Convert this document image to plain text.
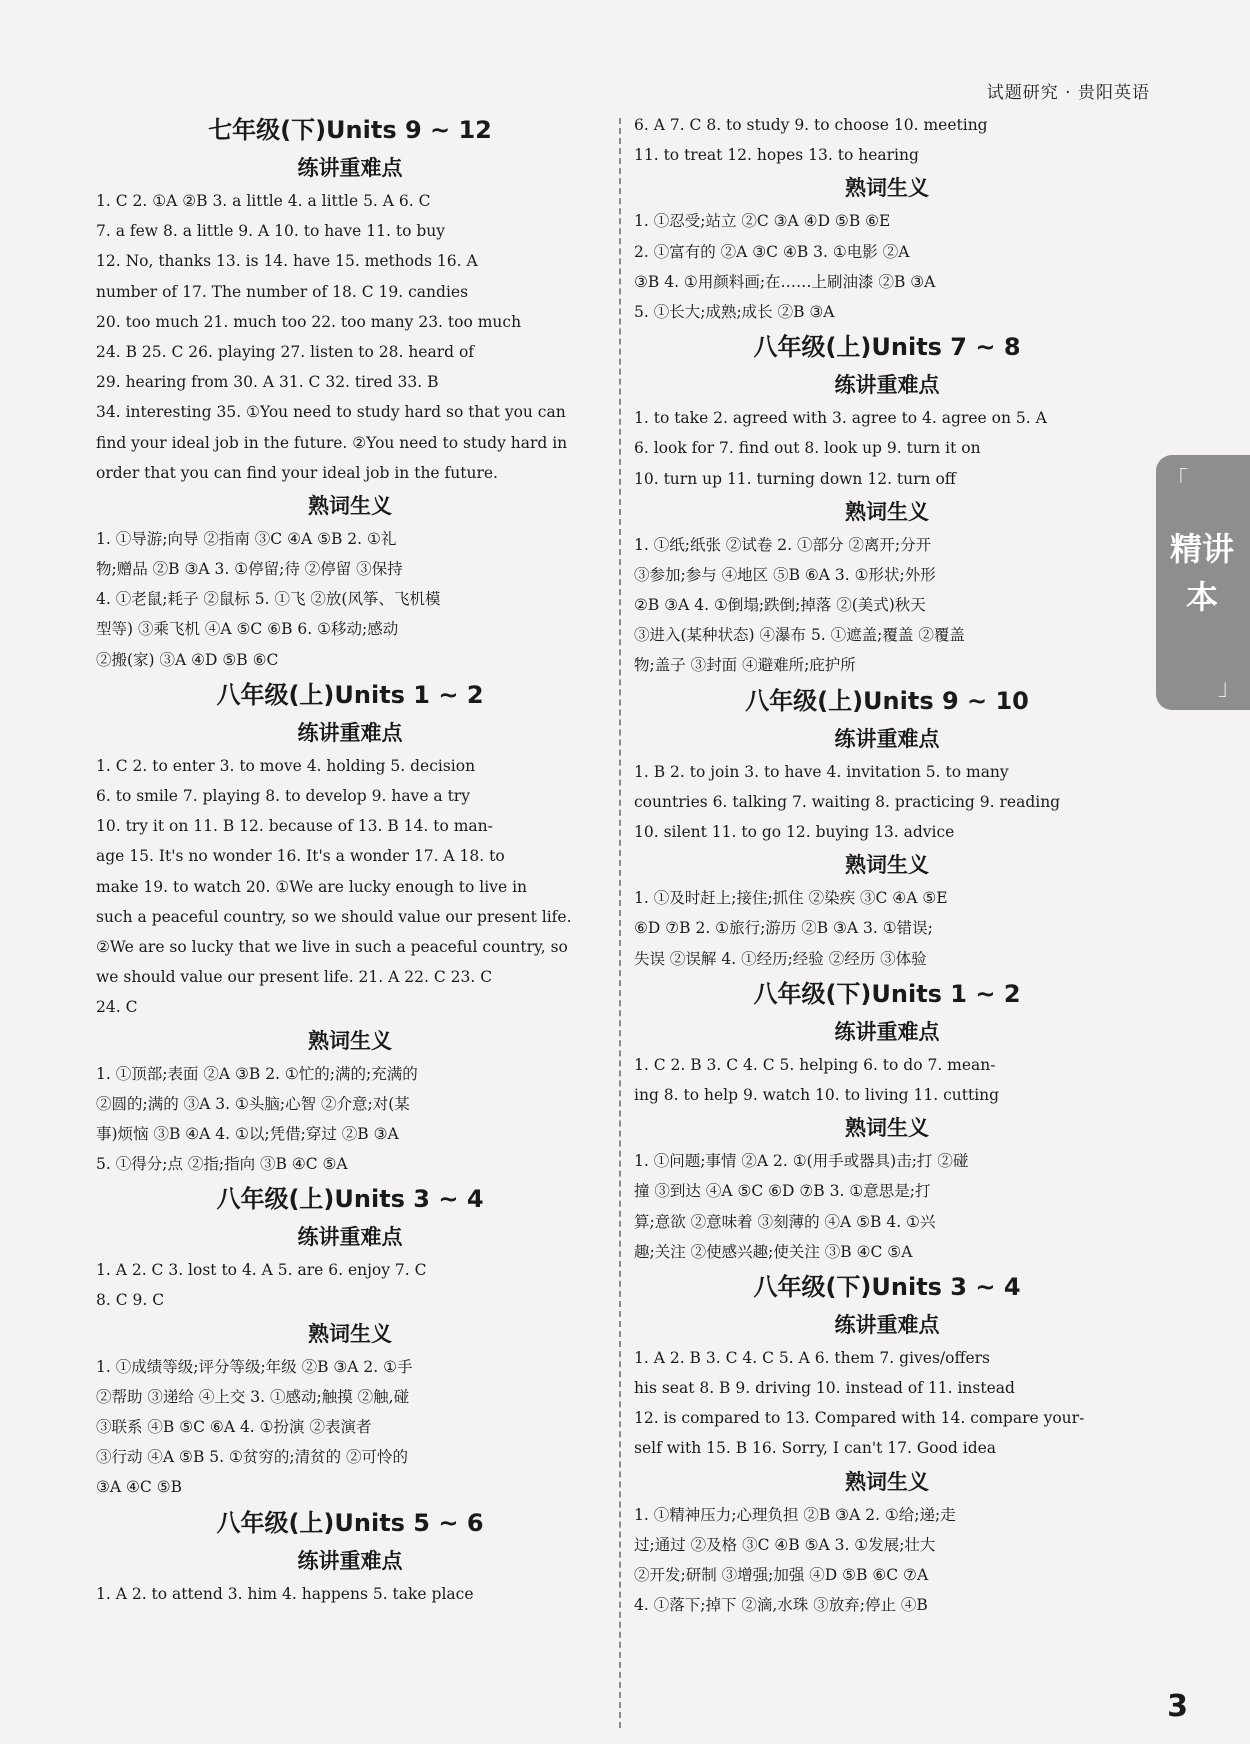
试题研究 · 贵阳英语
七年级(下)Units 9 ~ 12
练讲重难点
1. C 2. ①A ②B 3. a little 4. a little 5. A 6. C
7. a few 8. a little 9. A 10. to have 11. to buy
12. No, thanks 13. is 14. have 15. methods 16. A
number of 17. The number of 18. C 19. candies
20. too much 21. much too 22. too many 23. too much
24. B 25. C 26. playing 27. listen to 28. heard of
29. hearing from 30. A 31. C 32. tired 33. B
34. interesting 35. ①You need to study hard so that you can
find your ideal job in the future. ②You need to study hard in
order that you can find your ideal job in the future.
熟词生义
1. ①导游;向导 ②指南 ③C ④A ⑤B 2. ①礼
物;赠品 ②B ③A 3. ①停留;待 ②停留 ③保持
4. ①老鼠;耗子 ②鼠标 5. ①飞 ②放(风筝、飞机模
型等) ③乘飞机 ④A ⑤C ⑥B 6. ①移动;感动
②搬(家) ③A ④D ⑤B ⑥C
八年级(上)Units 1 ~ 2
练讲重难点
1. C 2. to enter 3. to move 4. holding 5. decision
6. to smile 7. playing 8. to develop 9. have a try
10. try it on 11. B 12. because of 13. B 14. to man-
age 15. It's no wonder 16. It's a wonder 17. A 18. to
make 19. to watch 20. ①We are lucky enough to live in
such a peaceful country, so we should value our present life.
②We are so lucky that we live in such a peaceful country, so
we should value our present life. 21. A 22. C 23. C
24. C
熟词生义
1. ①顶部;表面 ②A ③B 2. ①忙的;满的;充满的
②圆的;满的 ③A 3. ①头脑;心智 ②介意;对(某
事)烦恼 ③B ④A 4. ①以;凭借;穿过 ②B ③A
5. ①得分;点 ②指;指向 ③B ④C ⑤A
八年级(上)Units 3 ~ 4
练讲重难点
1. A 2. C 3. lost to 4. A 5. are 6. enjoy 7. C
8. C 9. C
熟词生义
1. ①成绩等级;评分等级;年级 ②B ③A 2. ①手
②帮助 ③递给 ④上交 3. ①感动;触摸 ②触,碰
③联系 ④B ⑤C ⑥A 4. ①扮演 ②表演者
③行动 ④A ⑤B 5. ①贫穷的;清贫的 ②可怜的
③A ④C ⑤B
八年级(上)Units 5 ~ 6
练讲重难点
1. A 2. to attend 3. him 4. happens 5. take place
6. A 7. C 8. to study 9. to choose 10. meeting
11. to treat 12. hopes 13. to hearing
熟词生义
1. ①忍受;站立 ②C ③A ④D ⑤B ⑥E
2. ①富有的 ②A ③C ④B 3. ①电影 ②A
③B 4. ①用颜料画;在……上刷油漆 ②B ③A
5. ①长大;成熟;成长 ②B ③A
八年级(上)Units 7 ~ 8
练讲重难点
1. to take 2. agreed with 3. agree to 4. agree on 5. A
6. look for 7. find out 8. look up 9. turn it on
10. turn up 11. turning down 12. turn off
熟词生义
1. ①纸;纸张 ②试卷 2. ①部分 ②离开;分开
③参加;参与 ④地区 ⑤B ⑥A 3. ①形状;外形
②B ③A 4. ①倒塌;跌倒;掉落 ②(美式)秋天
③进入(某种状态) ④瀑布 5. ①遮盖;覆盖 ②覆盖
物;盖子 ③封面 ④避难所;庇护所
八年级(上)Units 9 ~ 10
练讲重难点
1. B 2. to join 3. to have 4. invitation 5. to many
countries 6. talking 7. waiting 8. practicing 9. reading
10. silent 11. to go 12. buying 13. advice
熟词生义
1. ①及时赶上;接住;抓住 ②染疾 ③C ④A ⑤E
⑥D ⑦B 2. ①旅行;游历 ②B ③A 3. ①错误;
失误 ②误解 4. ①经历;经验 ②经历 ③体验
八年级(下)Units 1 ~ 2
练讲重难点
1. C 2. B 3. C 4. C 5. helping 6. to do 7. mean-
ing 8. to help 9. watch 10. to living 11. cutting
熟词生义
1. ①问题;事情 ②A 2. ①(用手或器具)击;打 ②碰
撞 ③到达 ④A ⑤C ⑥D ⑦B 3. ①意思是;打
算;意欲 ②意味着 ③刻薄的 ④A ⑤B 4. ①兴
趣;关注 ②使感兴趣;使关注 ③B ④C ⑤A
八年级(下)Units 3 ~ 4
练讲重难点
1. A 2. B 3. C 4. C 5. A 6. them 7. gives/offers
his seat 8. B 9. driving 10. instead of 11. instead
12. is compared to 13. Compared with 14. compare your-
self with 15. B 16. Sorry, I can't 17. Good idea
熟词生义
1. ①精神压力;心理负担 ②B ③A 2. ①给;递;走
过;通过 ②及格 ③C ④B ⑤A 3. ①发展;壮大
②开发;研制 ③增强;加强 ④D ⑤B ⑥C ⑦A
4. ①落下;掉下 ②滴,水珠 ③放弃;停止 ④B
「
精讲本
」
3
